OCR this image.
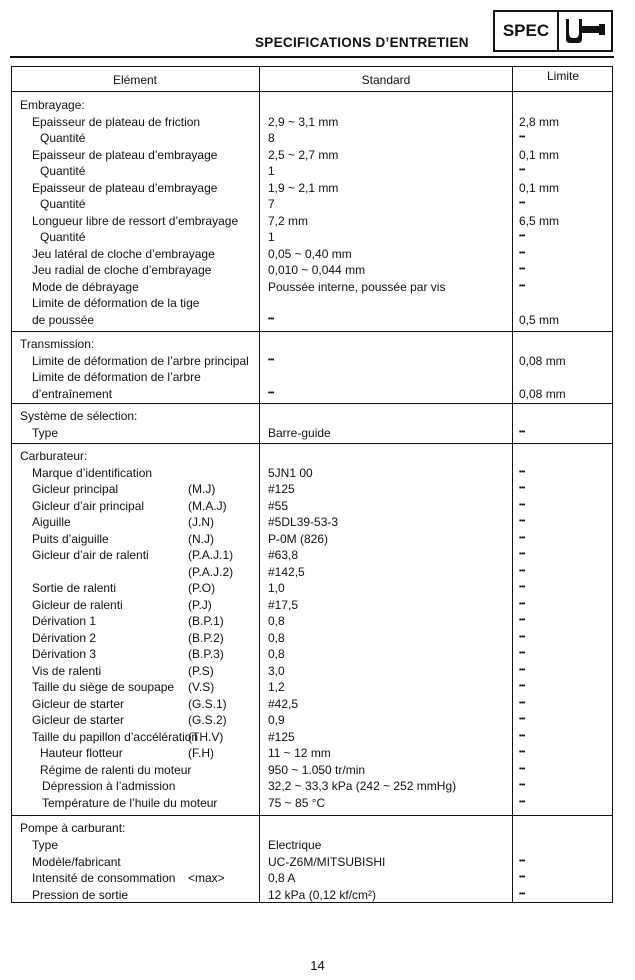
SPECIFICATIONS D’ENTRETIEN
SPEC
Elément	Standard	Limite
Embrayage:
Epaisseur de plateau de friction	2,9 ~ 3,1 mm	2,8 mm
Quantité	8	•••
Epaisseur de plateau d’embrayage	2,5 ~ 2,7 mm	0,1 mm
Quantité	1	•••
Epaisseur de plateau d’embrayage	1,9 ~ 2,1 mm	0,1 mm
Quantité	7	•••
Longueur libre de ressort d’embrayage 7,2 mm	6,5 mm
Quantité	1	•••
Jeu latéral de cloche d’embrayage	0,05 ~ 0,40 mm	•••
Jeu radial de cloche d’embrayage	0,010 ~ 0,044 mm	•••
Mode de débrayage	Poussée interne, poussée par vis	•••
Limite de déformation de la tige
de poussée	•••	0,5 mm
Transmission:
Limite de déformation de l’arbre principal	•••	0,08 mm
Limite de déformation de l’arbre
d’entraînement	•••	0,08 mm
Système de sélection:
Type	Barre-guide	•••
Carburateur:
Marque d’identification	5JN1 00	•••
Gicleur principal	(M.J)	#125	•••
Gicleur d’air principal	(M.A.J)	#55	•••
Aiguille	(J.N)	#5DL39-53-3	•••
Puits d’aiguille	(N.J)	P-0M (826)	•••
Gicleur d’air de ralenti	(P.A.J.1)	#63,8	•••
(P.A.J.2)	#142,5	•••
Sortie de ralenti	(P.O)	1,0	•••
Gicleur de ralenti	(P.J)	#17,5	•••
Dérivation 1	(B.P.1)	0,8	•••
Dérivation 2	(B.P.2)	0,8	•••
Dérivation 3	(B.P.3)	0,8	•••
Vis de ralenti	(P.S)	3,0	•••
Taille du siège de soupape (V.S)	1,2	•••
Gicleur de starter	(G.S.1)	#42,5	•••
Gicleur de starter	(G.S.2)	0,9	•••
Taille du papillon d’accélération
(TH.V)	#125	•••
Hauteur flotteur	(F.H)	11 ~ 12 mm	•••
Régime de ralenti du moteur	950 ~ 1.050 tr/min	•••
Dépression à l’admission	32,2 ~ 33,3 kPa (242 ~ 252 mmHg)	•••
Température de l’huile du moteur	75 ~ 85 °C	•••
Pompe à carburant:
Type	Electrique
Modèle/fabricant	UC-Z6M/MITSUBISHI	•••
Intensité de consommation <max>	0,8 A	•••
Pression de sortie	12 kPa (0,12 kf/cm²)	•••
14
